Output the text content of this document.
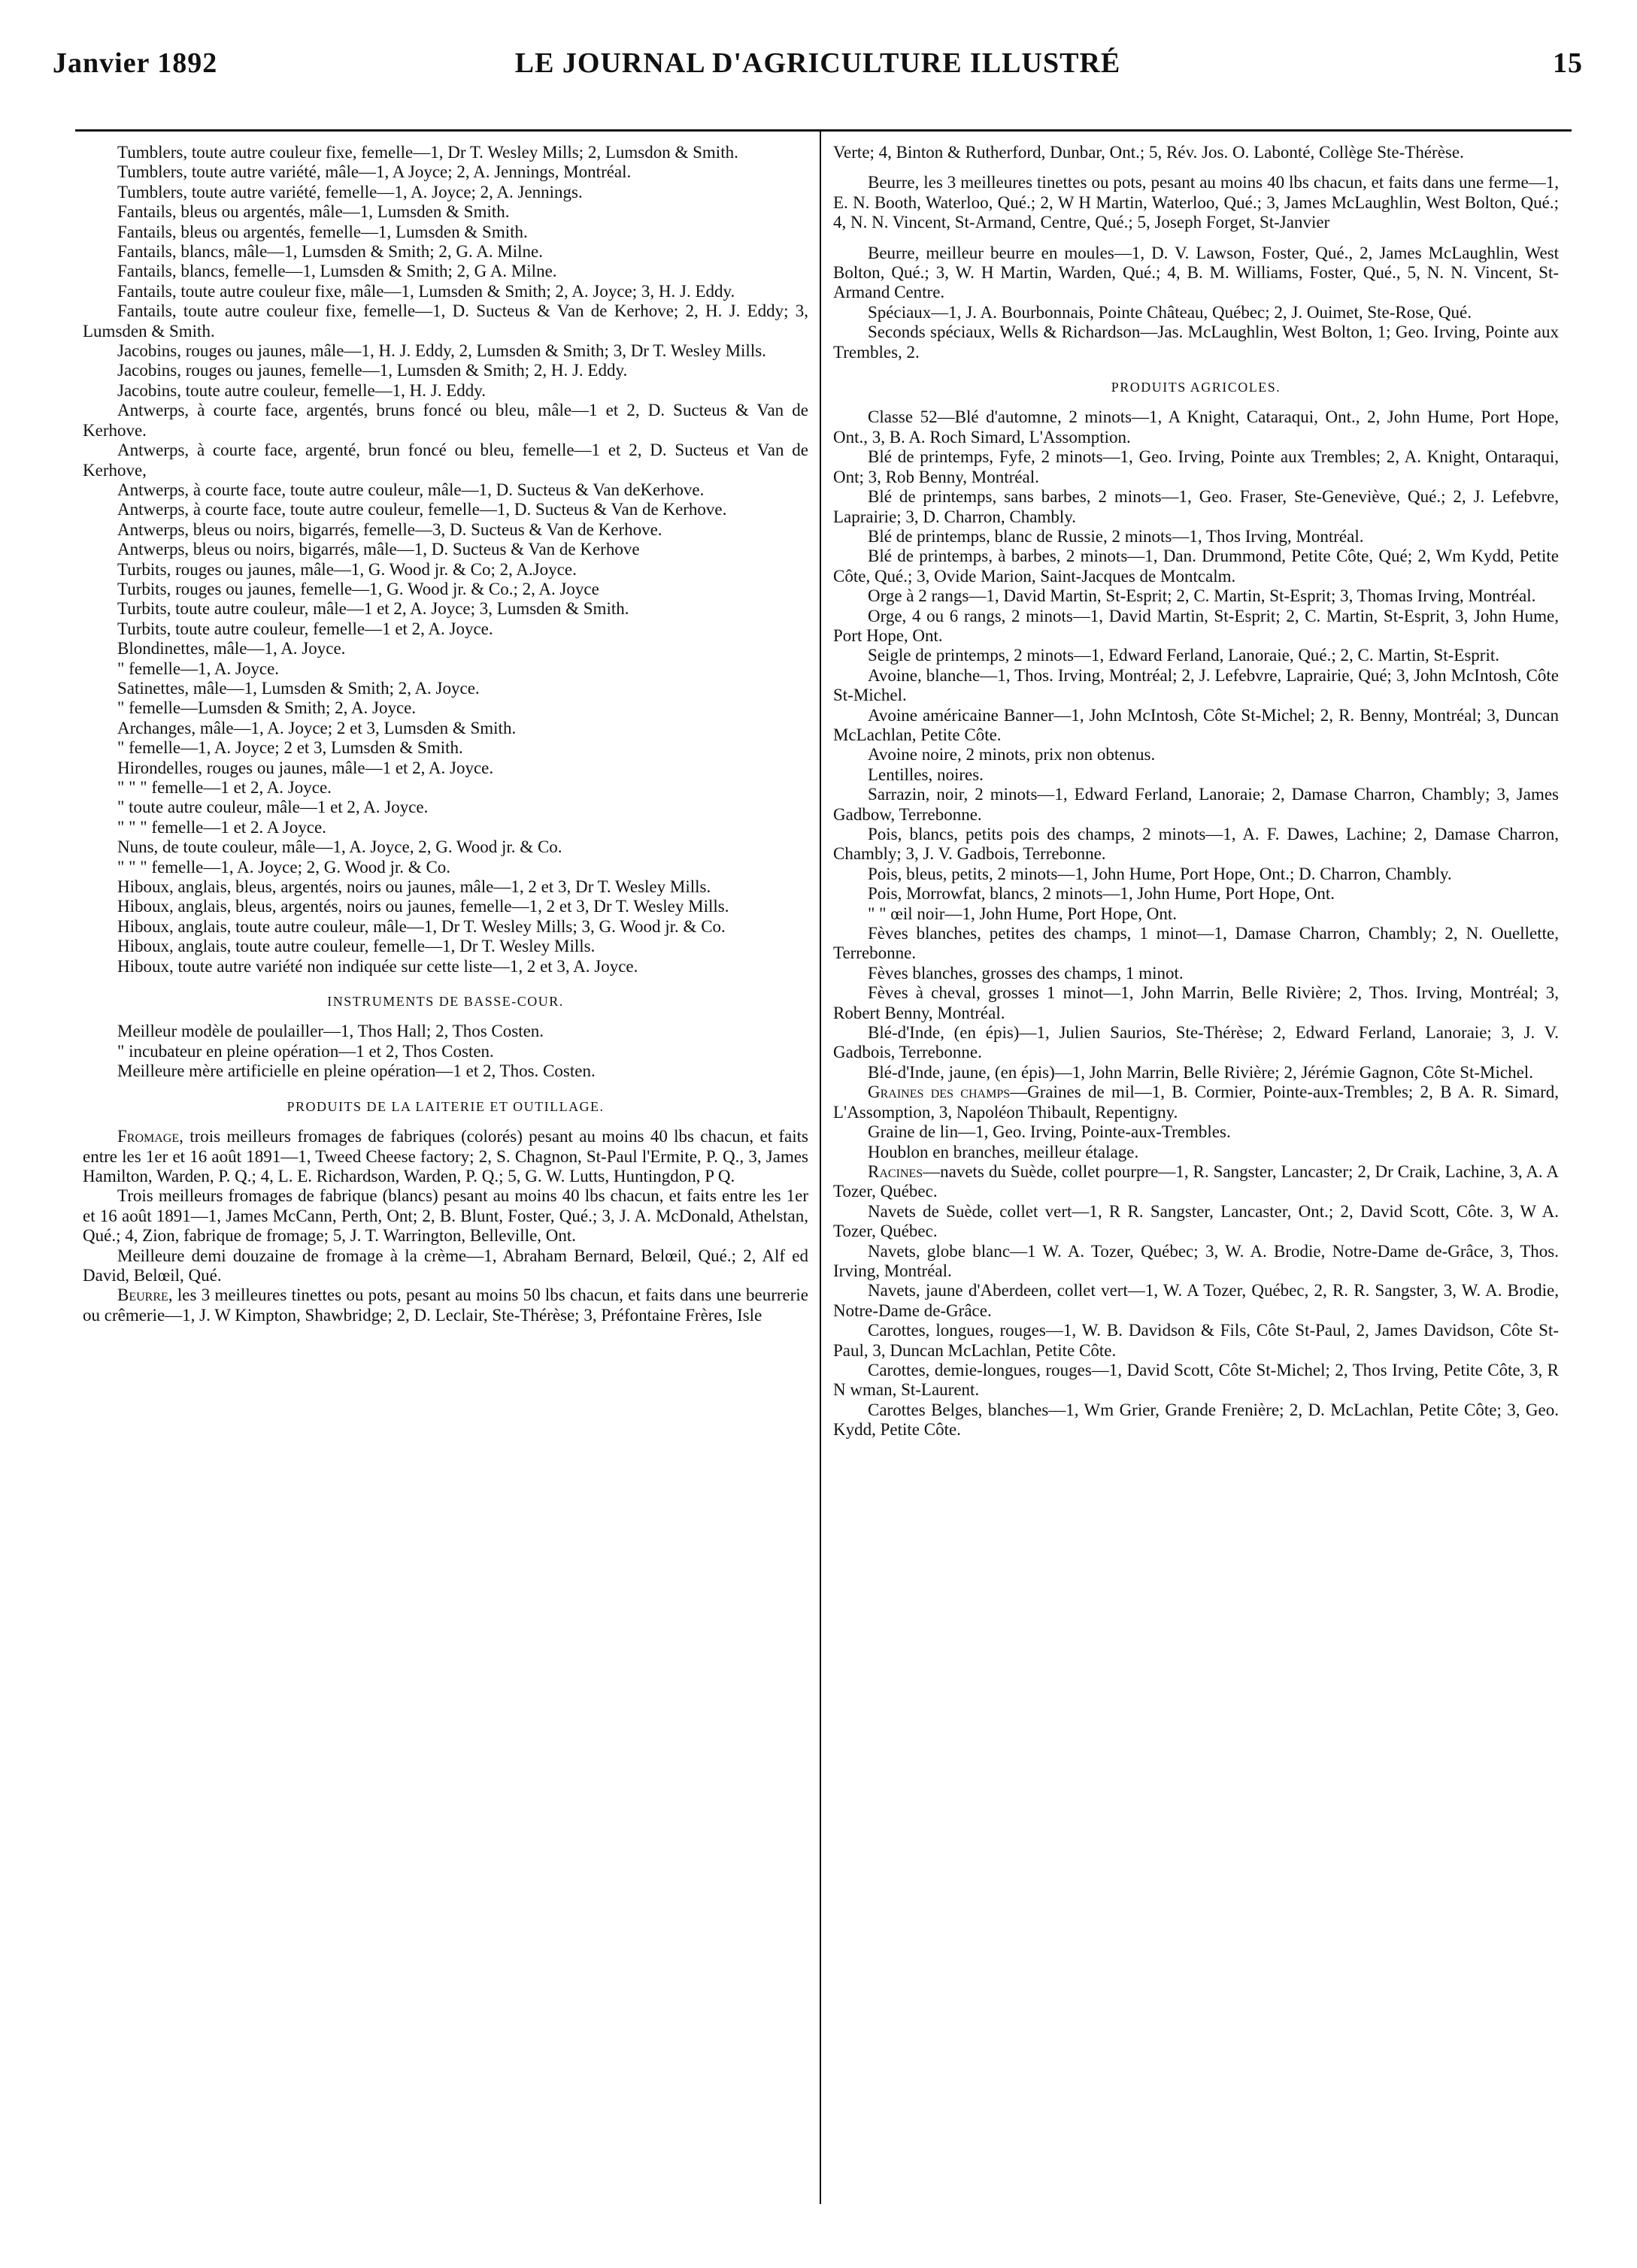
Janvier 1892	LE JOURNAL D'AGRICULTURE ILLUSTRÉ	15

Tumblers, toute autre couleur fixe, femelle—1, Dr T. Wesley Mills; 2, Lumsdon & Smith.

Tumblers, toute autre variété, mâle—1, A Joyce; 2, A. Jennings, Montréal.

Tumblers, toute autre variété, femelle—1, A. Joyce; 2, A. Jennings.

Fantails, bleus ou argentés, mâle—1, Lumsden & Smith.

Fantails, bleus ou argentés, femelle—1, Lumsden & Smith.

Fantails, blancs, mâle—1, Lumsden & Smith; 2, G. A. Milne.

Fantails, blancs, femelle—1, Lumsden & Smith; 2, G A. Milne.

Fantails, toute autre couleur fixe, mâle—1, Lumsden & Smith; 2, A. Joyce; 3, H. J. Eddy.

Fantails, toute autre couleur fixe, femelle—1, D. Sucteus & Van de Kerhove; 2, H. J. Eddy; 3, Lumsden & Smith.

Jacobins, rouges ou jaunes, mâle—1, H. J. Eddy, 2, Lumsden & Smith; 3, Dr T. Wesley Mills.

Jacobins, rouges ou jaunes, femelle—1, Lumsden & Smith; 2, H. J. Eddy.

Jacobins, toute autre couleur, femelle—1, H. J. Eddy.

Antwerps, à courte face, argentés, bruns foncé ou bleu, mâle—1 et 2, D. Sucteus & Van de Kerhove.

Antwerps, à courte face, argenté, brun foncé ou bleu, femelle—1 et 2, D. Sucteus et Van de Kerhove,

Antwerps, à courte face, toute autre couleur, mâle—1, D. Sucteus & Van deKerhove.

Antwerps, à courte face, toute autre couleur, femelle—1, D. Sucteus & Van de Kerhove.

Antwerps, bleus ou noirs, bigarrés, femelle—3, D. Sucteus & Van de Kerhove.

Antwerps, bleus ou noirs, bigarrés, mâle—1, D. Sucteus & Van de Kerhove

Turbits, rouges ou jaunes, mâle—1, G. Wood jr. & Co; 2, A.Joyce.

Turbits, rouges ou jaunes, femelle—1, G. Wood jr. & Co.; 2, A. Joyce

Turbits, toute autre couleur, mâle—1 et 2, A. Joyce; 3, Lumsden & Smith.

Turbits, toute autre couleur, femelle—1 et 2, A. Joyce.

Blondinettes, mâle—1, A. Joyce.

" femelle—1, A. Joyce.

Satinettes, mâle—1, Lumsden & Smith; 2, A. Joyce.

" femelle—Lumsden & Smith; 2, A. Joyce.

Archanges, mâle—1, A. Joyce; 2 et 3, Lumsden & Smith.

" femelle—1, A. Joyce; 2 et 3, Lumsden & Smith.

Hirondelles, rouges ou jaunes, mâle—1 et 2, A. Joyce.

" " " femelle—1 et 2, A. Joyce.

" toute autre couleur, mâle—1 et 2, A. Joyce.

" " " femelle—1 et 2. A Joyce.

Nuns, de toute couleur, mâle—1, A. Joyce, 2, G. Wood jr. & Co.

" " " femelle—1, A. Joyce; 2, G. Wood jr. & Co.

Hiboux, anglais, bleus, argentés, noirs ou jaunes, mâle—1, 2 et 3, Dr T. Wesley Mills.

Hiboux, anglais, bleus, argentés, noirs ou jaunes, femelle—1, 2 et 3, Dr T. Wesley Mills.

Hiboux, anglais, toute autre couleur, mâle—1, Dr T. Wesley Mills; 3, G. Wood jr. & Co.

Hiboux, anglais, toute autre couleur, femelle—1, Dr T. Wesley Mills.

Hiboux, toute autre variété non indiquée sur cette liste—1, 2 et 3, A. Joyce.

INSTRUMENTS DE BASSE-COUR.

Meilleur modèle de poulailler—1, Thos Hall; 2, Thos Costen.

" incubateur en pleine opération—1 et 2, Thos Costen.

Meilleure mère artificielle en pleine opération—1 et 2, Thos. Costen.

PRODUITS DE LA LAITERIE ET OUTILLAGE.

Fromage, trois meilleurs fromages de fabriques (colorés) pesant au moins 40 lbs chacun, et faits entre les 1er et 16 août 1891—1, Tweed Cheese factory; 2, S. Chagnon, St-Paul l'Ermite, P. Q., 3, James Hamilton, Warden, P. Q.; 4, L. E. Richardson, Warden, P. Q.; 5, G. W. Lutts, Huntingdon, P Q.

Trois meilleurs fromages de fabrique (blancs) pesant au moins 40 lbs chacun, et faits entre les 1er et 16 août 1891—1, James McCann, Perth, Ont; 2, B. Blunt, Foster, Qué.; 3, J. A. McDonald, Athelstan, Qué.; 4, Zion, fabrique de fromage; 5, J. T. Warrington, Belleville, Ont.

Meilleure demi douzaine de fromage à la crème—1, Abraham Bernard, Belœil, Qué.; 2, Alf ed David, Belœil, Qué.

Beurre, les 3 meilleures tinettes ou pots, pesant au moins 50 lbs chacun, et faits dans une beurrerie ou crêmerie—1, J. W Kimpton, Shawbridge; 2, D. Leclair, Ste-Thérèse; 3, Préfontaine Frères, Isle

Verte; 4, Binton & Rutherford, Dunbar, Ont.; 5, Rév. Jos. O. Labonté, Collège Ste-Thérèse.

Beurre, les 3 meilleures tinettes ou pots, pesant au moins 40 lbs chacun, et faits dans une ferme—1, E. N. Booth, Waterloo, Qué.; 2, W H Martin, Waterloo, Qué.; 3, James McLaughlin, West Bolton, Qué.; 4, N. N. Vincent, St-Armand, Centre, Qué.; 5, Joseph Forget, St-Janvier

Beurre, meilleur beurre en moules—1, D. V. Lawson, Foster, Qué., 2, James McLaughlin, West Bolton, Qué.; 3, W. H Martin, Warden, Qué.; 4, B. M. Williams, Foster, Qué., 5, N. N. Vincent, St-Armand Centre.

Spéciaux—1, J. A. Bourbonnais, Pointe Château, Québec; 2, J. Ouimet, Ste-Rose, Qué.

Seconds spéciaux, Wells & Richardson—Jas. McLaughlin, West Bolton, 1; Geo. Irving, Pointe aux Trembles, 2.

PRODUITS AGRICOLES.

Classe 52—Blé d'automne, 2 minots—1, A Knight, Cataraqui, Ont., 2, John Hume, Port Hope, Ont., 3, B. A. Roch Simard, L'Assomption.

Blé de printemps, Fyfe, 2 minots—1, Geo. Irving, Pointe aux Trembles; 2, A. Knight, Ontaraqui, Ont; 3, Rob Benny, Montréal.

Blé de printemps, sans barbes, 2 minots—1, Geo. Fraser, Ste-Geneviève, Qué.; 2, J. Lefebvre, Laprairie; 3, D. Charron, Chambly.

Blé de printemps, blanc de Russie, 2 minots—1, Thos Irving, Montréal.

Blé de printemps, à barbes, 2 minots—1, Dan. Drummond, Petite Côte, Qué; 2, Wm Kydd, Petite Côte, Qué.; 3, Ovide Marion, Saint-Jacques de Montcalm.

Orge à 2 rangs—1, David Martin, St-Esprit; 2, C. Martin, St-Esprit; 3, Thomas Irving, Montréal.

Orge, 4 ou 6 rangs, 2 minots—1, David Martin, St-Esprit; 2, C. Martin, St-Esprit, 3, John Hume, Port Hope, Ont.

Seigle de printemps, 2 minots—1, Edward Ferland, Lanoraie, Qué.; 2, C. Martin, St-Esprit.

Avoine, blanche—1, Thos. Irving, Montréal; 2, J. Lefebvre, Laprairie, Qué; 3, John McIntosh, Côte St-Michel.

Avoine américaine Banner—1, John McIntosh, Côte St-Michel; 2, R. Benny, Montréal; 3, Duncan McLachlan, Petite Côte.

Avoine noire, 2 minots, prix non obtenus.

Lentilles, noires.

Sarrazin, noir, 2 minots—1, Edward Ferland, Lanoraie; 2, Damase Charron, Chambly; 3, James Gadbow, Terrebonne.

Pois, blancs, petits pois des champs, 2 minots—1, A. F. Dawes, Lachine; 2, Damase Charron, Chambly; 3, J. V. Gadbois, Terrebonne.

Pois, bleus, petits, 2 minots—1, John Hume, Port Hope, Ont.; D. Charron, Chambly.

Pois, Morrowfat, blancs, 2 minots—1, John Hume, Port Hope, Ont.

" " œil noir—1, John Hume, Port Hope, Ont.

Fèves blanches, petites des champs, 1 minot—1, Damase Charron, Chambly; 2, N. Ouellette, Terrebonne.

Fèves blanches, grosses des champs, 1 minot.

Fèves à cheval, grosses 1 minot—1, John Marrin, Belle Rivière; 2, Thos. Irving, Montréal; 3, Robert Benny, Montréal.

Blé-d'Inde, (en épis)—1, Julien Saurios, Ste-Thérèse; 2, Edward Ferland, Lanoraie; 3, J. V. Gadbois, Terrebonne.

Blé-d'Inde, jaune, (en épis)—1, John Marrin, Belle Rivière; 2, Jérémie Gagnon, Côte St-Michel.

Graines des champs—Graines de mil—1, B. Cormier, Pointe-aux-Trembles; 2, B A. R. Simard, L'Assomption, 3, Napoléon Thibault, Repentigny.

Graine de lin—1, Geo. Irving, Pointe-aux-Trembles.

Houblon en branches, meilleur étalage.

Racines—navets du Suède, collet pourpre—1, R. Sangster, Lancaster; 2, Dr Craik, Lachine, 3, A. A Tozer, Québec.

Navets de Suède, collet vert—1, R R. Sangster, Lancaster, Ont.; 2, David Scott, Côte. 3, W A. Tozer, Québec.

Navets, globe blanc—1 W. A. Tozer, Québec; 3, W. A. Brodie, Notre-Dame de-Grâce, 3, Thos. Irving, Montréal.

Navets, jaune d'Aberdeen, collet vert—1, W. A Tozer, Québec, 2, R. R. Sangster, 3, W. A. Brodie, Notre-Dame de-Grâce.

Carottes, longues, rouges—1, W. B. Davidson & Fils, Côte St-Paul, 2, James Davidson, Côte St-Paul, 3, Duncan McLachlan, Petite Côte.

Carottes, demie-longues, rouges—1, David Scott, Côte St-Michel; 2, Thos Irving, Petite Côte, 3, R N wman, St-Laurent.

Carottes Belges, blanches—1, Wm Grier, Grande Frenière; 2, D. McLachlan, Petite Côte; 3, Geo. Kydd, Petite Côte.
